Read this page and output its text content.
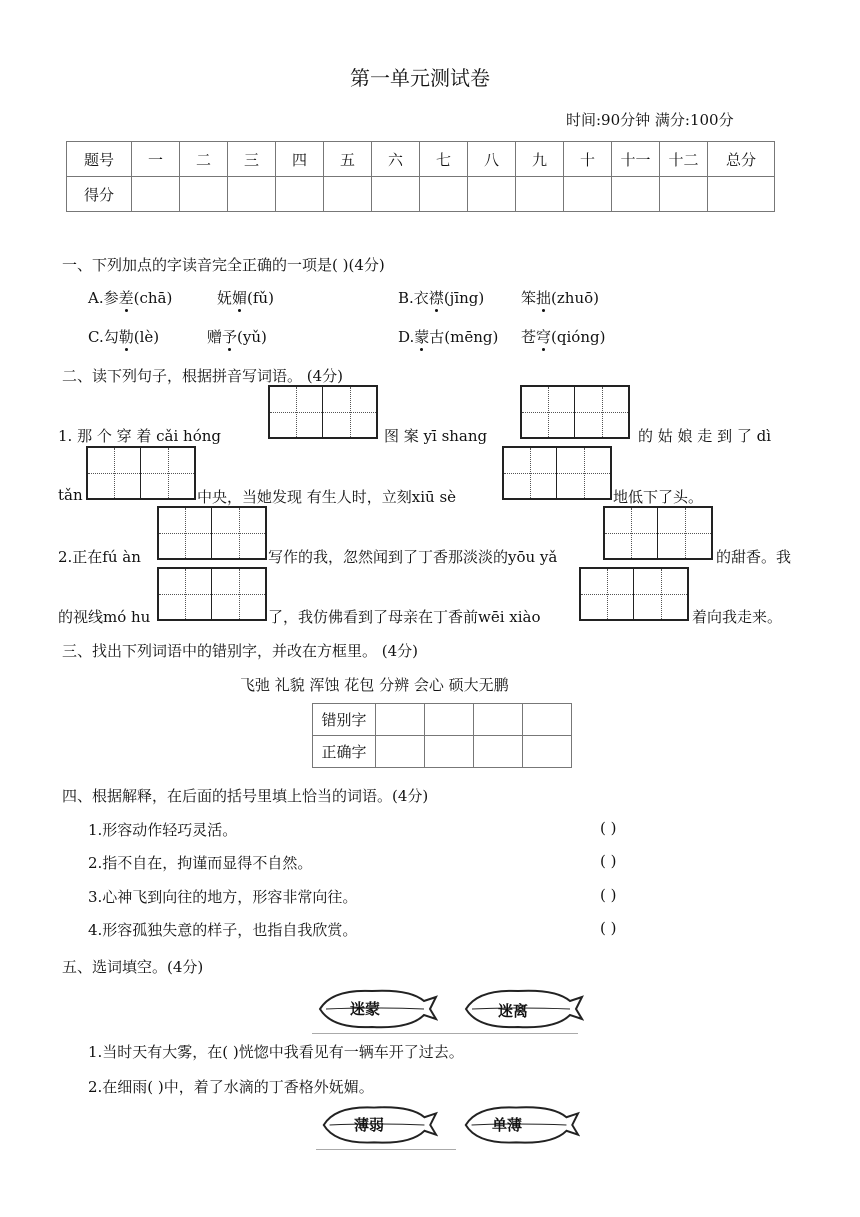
第一单元测试卷
时间:90分钟 满分:100分
题号	一	二	三	四	五	六	七	八	九	十	十一	十二	总分
得分													
一、下列加点的字读音完全正确的一项是( )(4分)
A.参差(chā)	妩媚(fǔ)	B.衣襟(jīng) 笨拙(zhuō)
C.勾勒(lè)	赠予(yǔ)	D.蒙古(mēng) 苍穹(qióng)
二、读下列句子，根据拼音写词语。 (4分)
1. 那 个 穿 着 cǎi hóng	图 案 yī shang	的 姑 娘 走 到 了 dì
tǎn	中央，当她发现 有生人时，立刻xiū sè	地低下了头。
2.正在fú àn	写作的我，忽然闻到了丁香那淡淡的yōu yǎ	的甜香。我
的视线mó hu	了，我仿佛看到了母亲在丁香前wēi xiào	着向我走来。
三、找出下列词语中的错别字，并改在方框里。 (4分)
飞弛 礼貌 浑蚀 花包 分辨 会心 硕大无鹏
错别字				
正确字				
四、根据解释，在后面的括号里填上恰当的词语。(4分)
1.形容动作轻巧灵活。	( )
2.指不自在，拘谨而显得不自然。	( )
3.心神飞到向往的地方，形容非常向往。	( )
4.形容孤独失意的样子，也指自我欣赏。	( )
五、选词填空。(4分)
迷蒙	迷离
1.当时天有大雾，在( )恍惚中我看见有一辆车开了过去。
2.在细雨( )中，着了水滴的丁香格外妩媚。
薄弱	单薄
